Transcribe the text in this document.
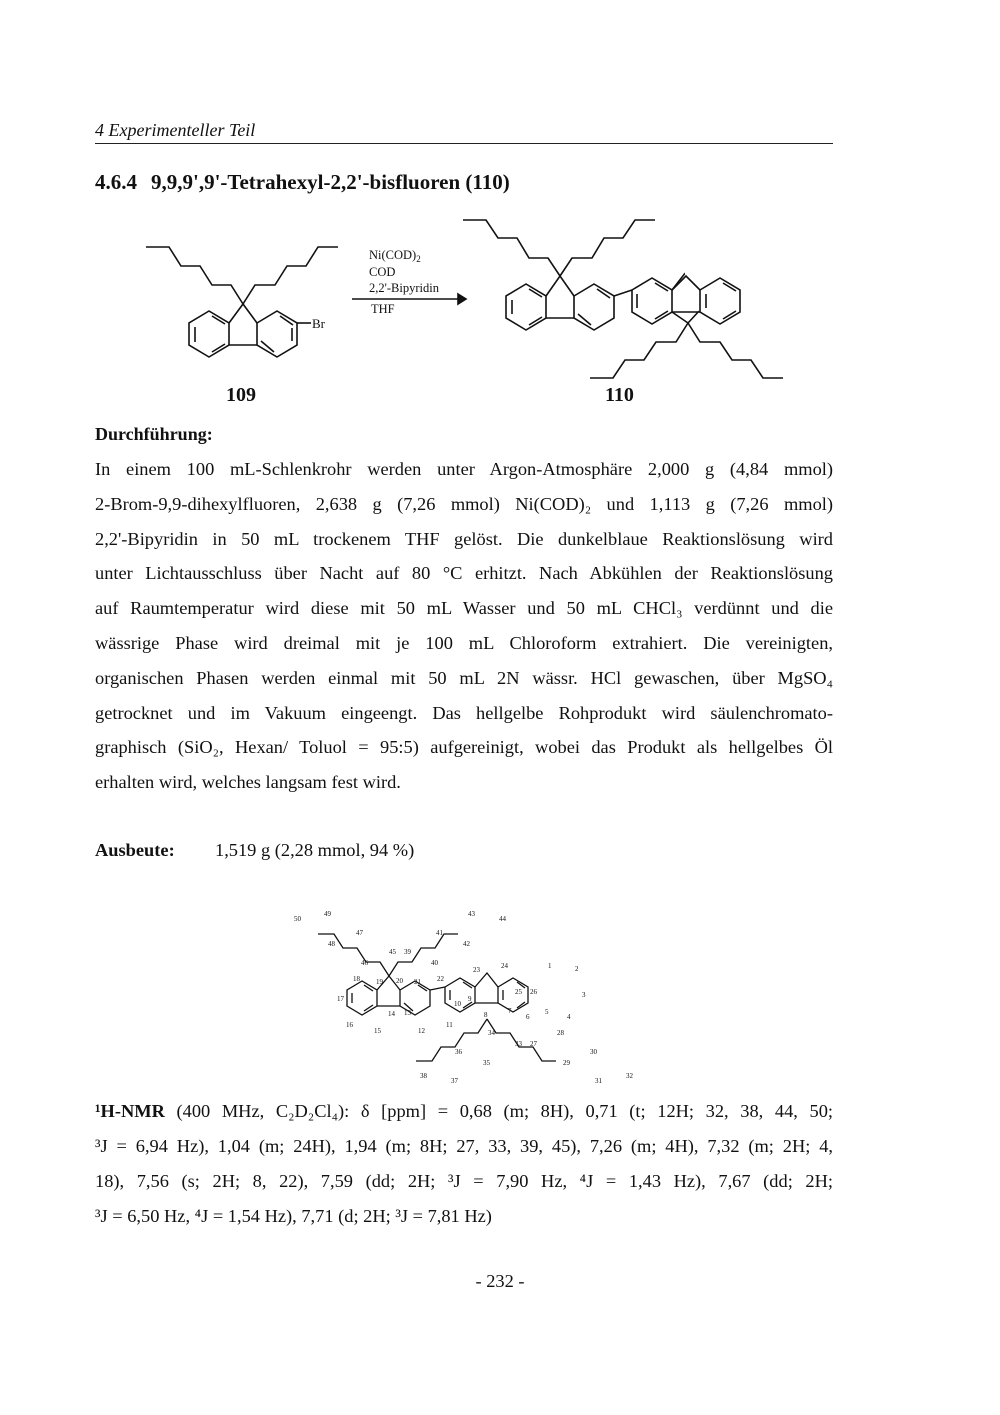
4 Experimenteller Teil
4.6.4 9,9,9',9'-Tetrahexyl-2,2'-bisfluoren (110)
Br
$Ni(COD)_2$
COD
2,2'-Bipyridin
THF
109	110
Durchführung:
In einem 100 mL-Schlenkrohr werden unter Argon-Atmosphäre 2,000 g (4,84 mmol)
2-Brom-9,9-dihexylfluoren, 2,638 g (7,26 mmol) Ni(COD)₂ und 1,113 g (7,26 mmol)
2,2'-Bipyridin in 50 mL trockenem THF gelöst. Die dunkelblaue Reaktionslösung wird
unter Lichtausschluss über Nacht auf 80 °C erhitzt. Nach Abkühlen der Reaktionslösung
auf Raumtemperatur wird diese mit 50 mL Wasser und 50 mL CHCl₃ verdünnt und die
wässrige Phase wird dreimal mit je 100 mL Chloroform extrahiert. Die vereinigten,
organischen Phasen werden einmal mit 50 mL 2N wässr. HCl gewaschen, über MgSO₄
getrocknet und im Vakuum eingeengt. Das hellgelbe Rohprodukt wird säulenchromato-
graphisch (SiO₂, Hexan/ Toluol = 95:5) aufgereinigt, wobei das Produkt als hellgelbes Öl
erhalten wird, welches langsam fest wird.
Ausbeute: 1,519 g (2,28 mmol, 94 %)
1	2
3
4
5
6
7
8
9
10
11
12
13
14
15
16
17
18 19 20 21 22
23	24
25 26
27
28
29
30
31
32
33
34
35
36
37
38
39
40
41
42
43
44
45
46
47
48
49
50
¹H-NMR (400 MHz, C₂D₂Cl₄): δ [ppm] = 0,68 (m; 8H), 0,71 (t; 12H; 32, 38, 44, 50;
³J = 6,94 Hz), 1,04 (m; 24H), 1,94 (m; 8H; 27, 33, 39, 45), 7,26 (m; 4H), 7,32 (m; 2H; 4,
18), 7,56 (s; 2H; 8, 22), 7,59 (dd; 2H; ³J = 7,90 Hz, ⁴J = 1,43 Hz), 7,67 (dd; 2H;
³J = 6,50 Hz, ⁴J = 1,54 Hz), 7,71 (d; 2H; ³J = 7,81 Hz)
- 232 -
